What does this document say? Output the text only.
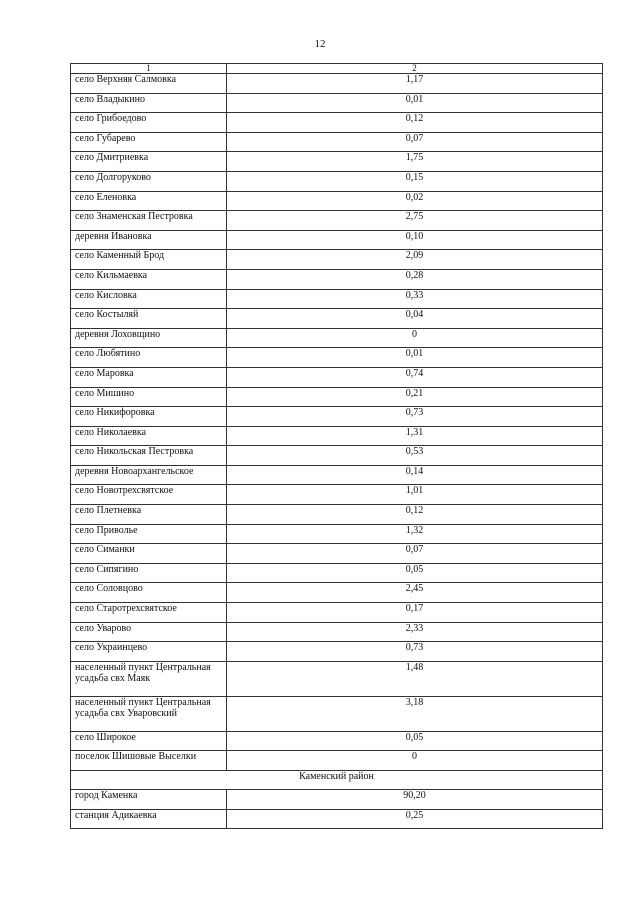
12
1	2
село Верхняя Салмовка	1,17
село Владыкино	0,01
село Грибоедово	0,12
село Губарево	0,07
село Дмитриевка	1,75
село Долгоруково	0,15
село Еленовка	0,02
село Знаменская Пестровка	2,75
деревня Ивановка	0,10
село Каменный Брод	2,09
село Кильмаевка	0,28
село Кисловка	0,33
село Костыляй	0,04
деревня Лоховщино	0
село Любятино	0,01
село Маровка	0,74
село Мишино	0,21
село Никифоровка	0,73
село Николаевка	1,31
село Никольская Пестровка	0,53
деревня Новоархангельское	0,14
село Новотрехсвятское	1,01
село Плетневка	0,12
село Приволье	1,32
село Симанки	0,07
село Сипягино	0,05
село Соловцово	2,45
село Старотрехсвятское	0,17
село Уварово	2,33
село Украинцево	0,73
населенный пункт Центральная усадьба свх Маяк	1,48
населенный пункт Центральная усадьба свх Уваровский	3,18
село Широкое	0,05
поселок Шишовые Выселки	0
Каменский район	
город Каменка	90,20
станция Адикаевка	0,25
